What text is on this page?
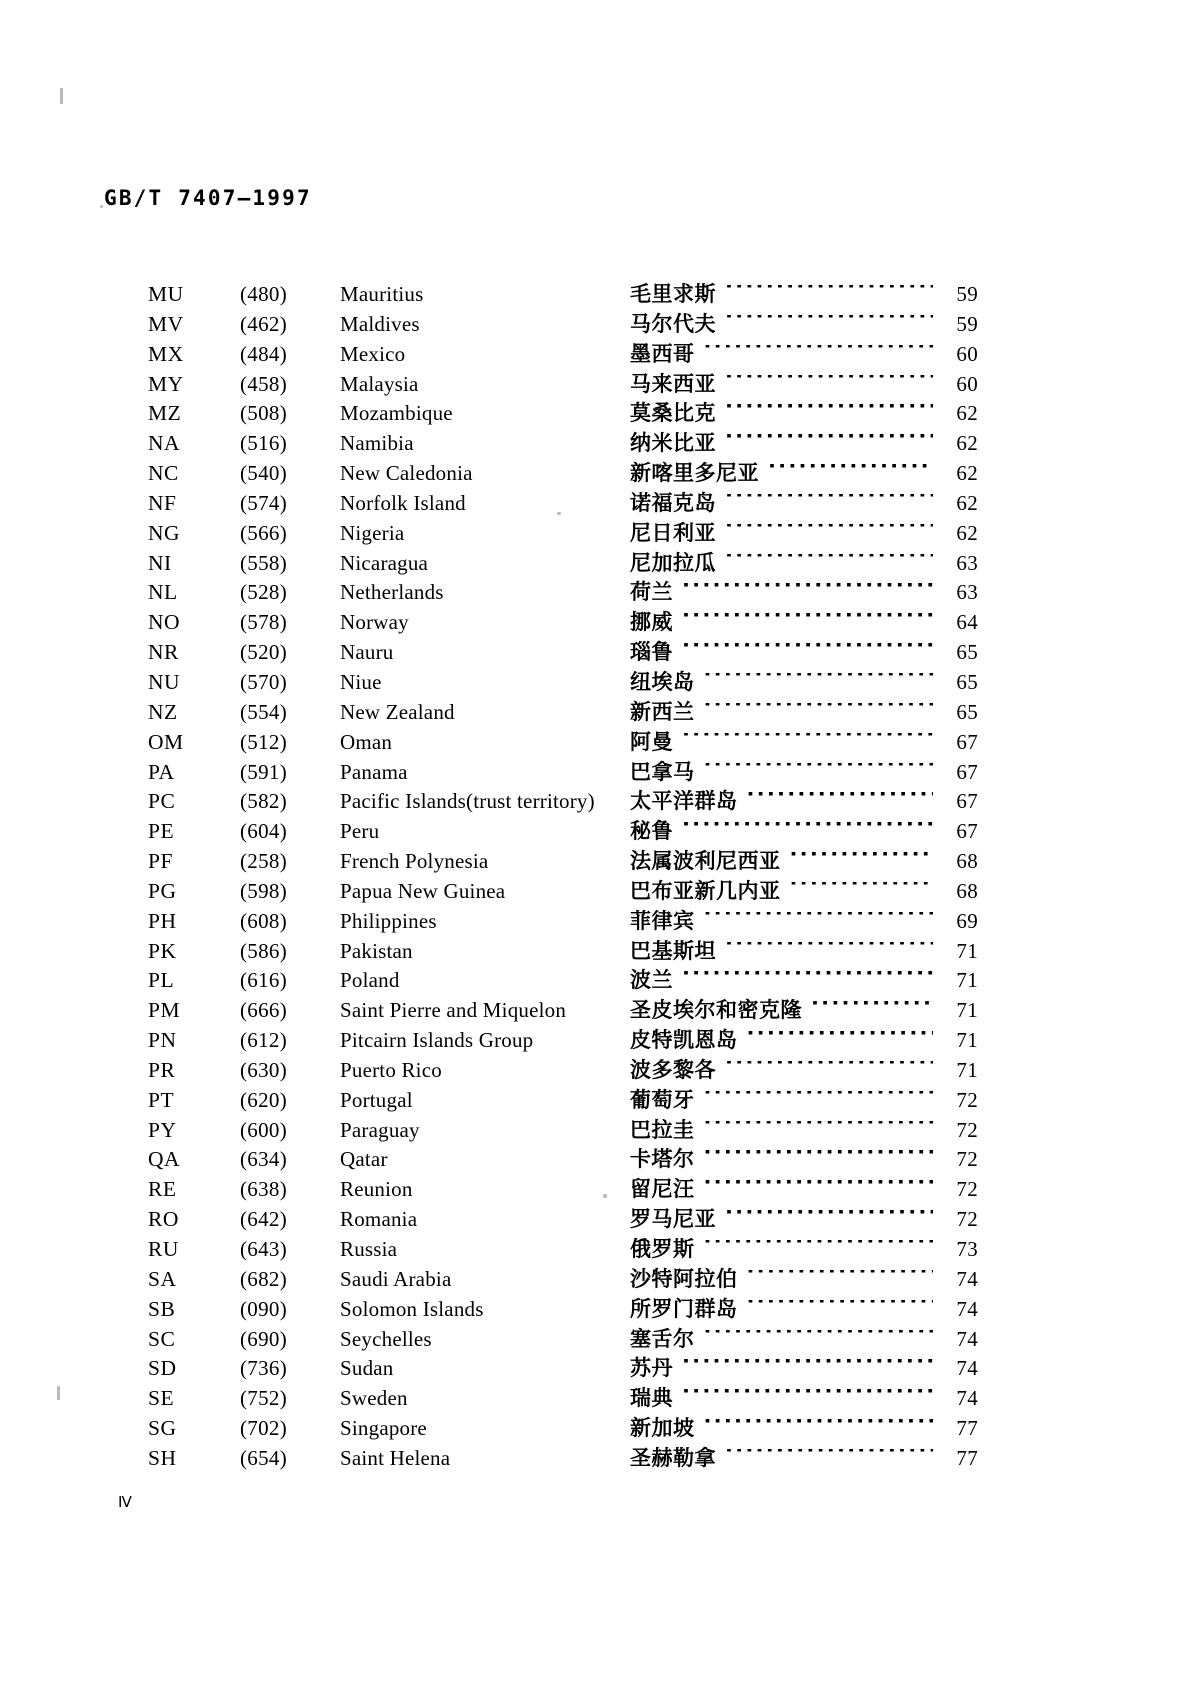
GB/T 7407—1997
MU	(480)	Mauritius	毛里求斯 ·····	59
MV	(462)	Maldives	马尔代夫 ·····	59
MX	(484)	Mexico	墨西哥 ·····	60
MY	(458)	Malaysia	马来西亚 ·····	60
MZ	(508)	Mozambique	莫桑比克 ·····	62
NA	(516)	Namibia	纳米比亚 ·····	62
NC	(540)	New Caledonia	新喀里多尼亚 ·····	62
NF	(574)	Norfolk Island	诺福克岛 ·····	62
NG	(566)	Nigeria	尼日利亚 ·····	62
NI	(558)	Nicaragua	尼加拉瓜 ·····	63
NL	(528)	Netherlands	荷兰 ·····	63
NO	(578)	Norway	挪威 ·····	64
NR	(520)	Nauru	瑙鲁 ·····	65
NU	(570)	Niue	纽埃岛 ·····	65
NZ	(554)	New Zealand	新西兰 ·····	65
OM	(512)	Oman	阿曼 ·····	67
PA	(591)	Panama	巴拿马 ·····	67
PC	(582)	Pacific Islands(trust territory)	太平洋群岛 ·····	67
PE	(604)	Peru	秘鲁 ·····	67
PF	(258)	French Polynesia	法属波利尼西亚 ·····	68
PG	(598)	Papua New Guinea	巴布亚新几内亚 ·····	68
PH	(608)	Philippines	菲律宾 ·····	69
PK	(586)	Pakistan	巴基斯坦 ·····	71
PL	(616)	Poland	波兰 ·····	71
PM	(666)	Saint Pierre and Miquelon	圣皮埃尔和密克隆 ·····	71
PN	(612)	Pitcairn Islands Group	皮特凯恩岛 ·····	71
PR	(630)	Puerto Rico	波多黎各 ·····	71
PT	(620)	Portugal	葡萄牙 ·····	72
PY	(600)	Paraguay	巴拉圭 ·····	72
QA	(634)	Qatar	卡塔尔 ·····	72
RE	(638)	Reunion	留尼汪 ·····	72
RO	(642)	Romania	罗马尼亚 ·····	72
RU	(643)	Russia	俄罗斯 ·····	73
SA	(682)	Saudi Arabia	沙特阿拉伯 ·····	74
SB	(090)	Solomon Islands	所罗门群岛 ·····	74
SC	(690)	Seychelles	塞舌尔 ·····	74
SD	(736)	Sudan	苏丹 ·····	74
SE	(752)	Sweden	瑞典 ·····	74
SG	(702)	Singapore	新加坡 ·····	77
SH	(654)	Saint Helena	圣赫勒拿 ·····	77
Ⅳ
